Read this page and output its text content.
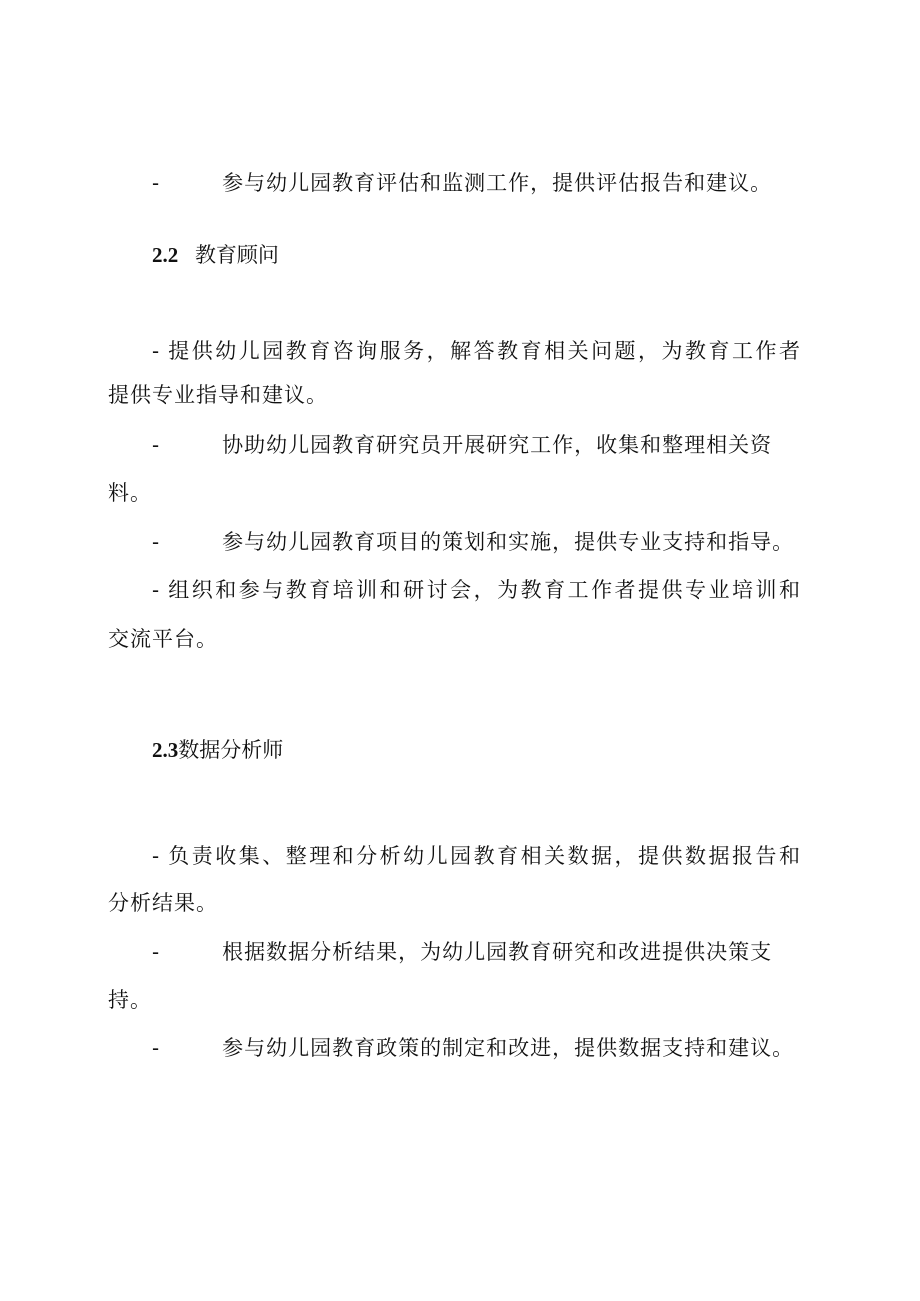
-	参与幼儿园教育评估和监测工作，提供评估报告和建议。
2.2 教育顾问
- 提供幼儿园教育咨询服务，解答教育相关问题，为教育工作者
提供专业指导和建议。
-	协助幼儿园教育研究员开展研究工作，收集和整理相关资
料。
-	参与幼儿园教育项目的策划和实施，提供专业支持和指导。
- 组织和参与教育培训和研讨会，为教育工作者提供专业培训和
交流平台。
2.3数据分析师
- 负责收集、整理和分析幼儿园教育相关数据，提供数据报告和
分析结果。
-	根据数据分析结果，为幼儿园教育研究和改进提供决策支
持。
-	参与幼儿园教育政策的制定和改进，提供数据支持和建议。
